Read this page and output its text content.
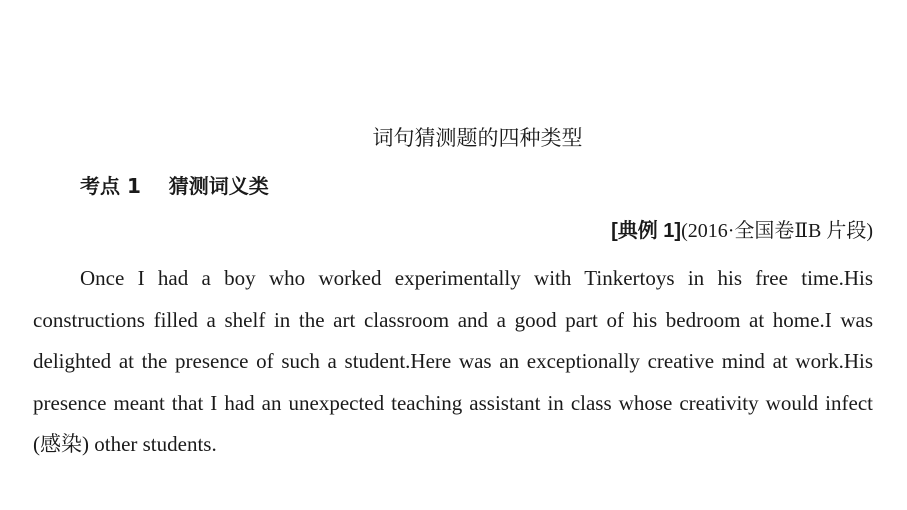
词句猜测题的四种类型
考点 1 猜测词义类
[典例 1](2016·全国卷ⅡB 片段)

Once I had a boy who worked experimentally with Tinkertoys in his free time.His constructions filled a shelf in the art classroom and a good part of his bedroom at home.I was delighted at the presence of such a student.Here was an exceptionally creative mind at work.His presence meant that I had an unexpected teaching assistant in class whose creativity would infect (感染) other students.
